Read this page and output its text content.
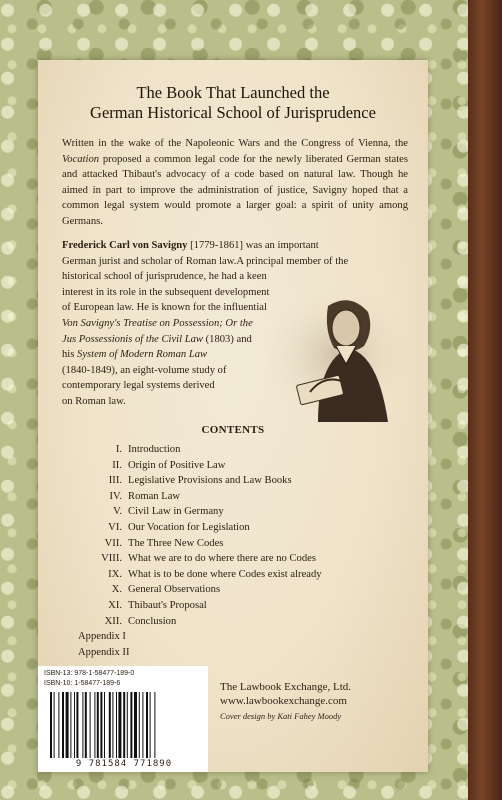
The Book That Launched the
German Historical School of Jurisprudence

Written in the wake of the Napoleonic Wars and the Congress of Vienna, the Vocation proposed a common legal code for the newly liberated German states and attacked Thibaut's advocacy of a code based on natural law. Though he aimed in part to improve the administration of justice, Savigny hoped that a common legal system would promote a larger goal: a spirit of unity among Germans.

Frederick Carl von Savigny [1779-1861] was an important
German jurist and scholar of Roman law.A principal member of the
historical school of jurisprudence, he had a keen
interest in its role in the subsequent development
of European law. He is known for the influential
Von Savigny's Treatise on Possession; Or the
Jus Possessionis of the Civil Law (1803) and
his System of Modern Roman Law
(1840-1849), an eight-volume study of
contemporary legal systems derived
on Roman law.

CONTENTS
I. Introduction
II. Origin of Positive Law
III. Legislative Provisions and Law Books
IV. Roman Law
V. Civil Law in Germany
VI. Our Vocation for Legislation
VII. The Three New Codes
VIII. What we are to do where there are no Codes
IX. What is to be done where Codes exist already
X. General Observations
XI. Thibaut's Proposal
XII. Conclusion
Appendix I
Appendix II
ISBN-13: 978-1-58477-189-0
ISBN-10: 1-58477-189-6
9 781584 771890
The Lawbook Exchange, Ltd.
www.lawbookexchange.com
Cover design by Kati Fahey Moody
